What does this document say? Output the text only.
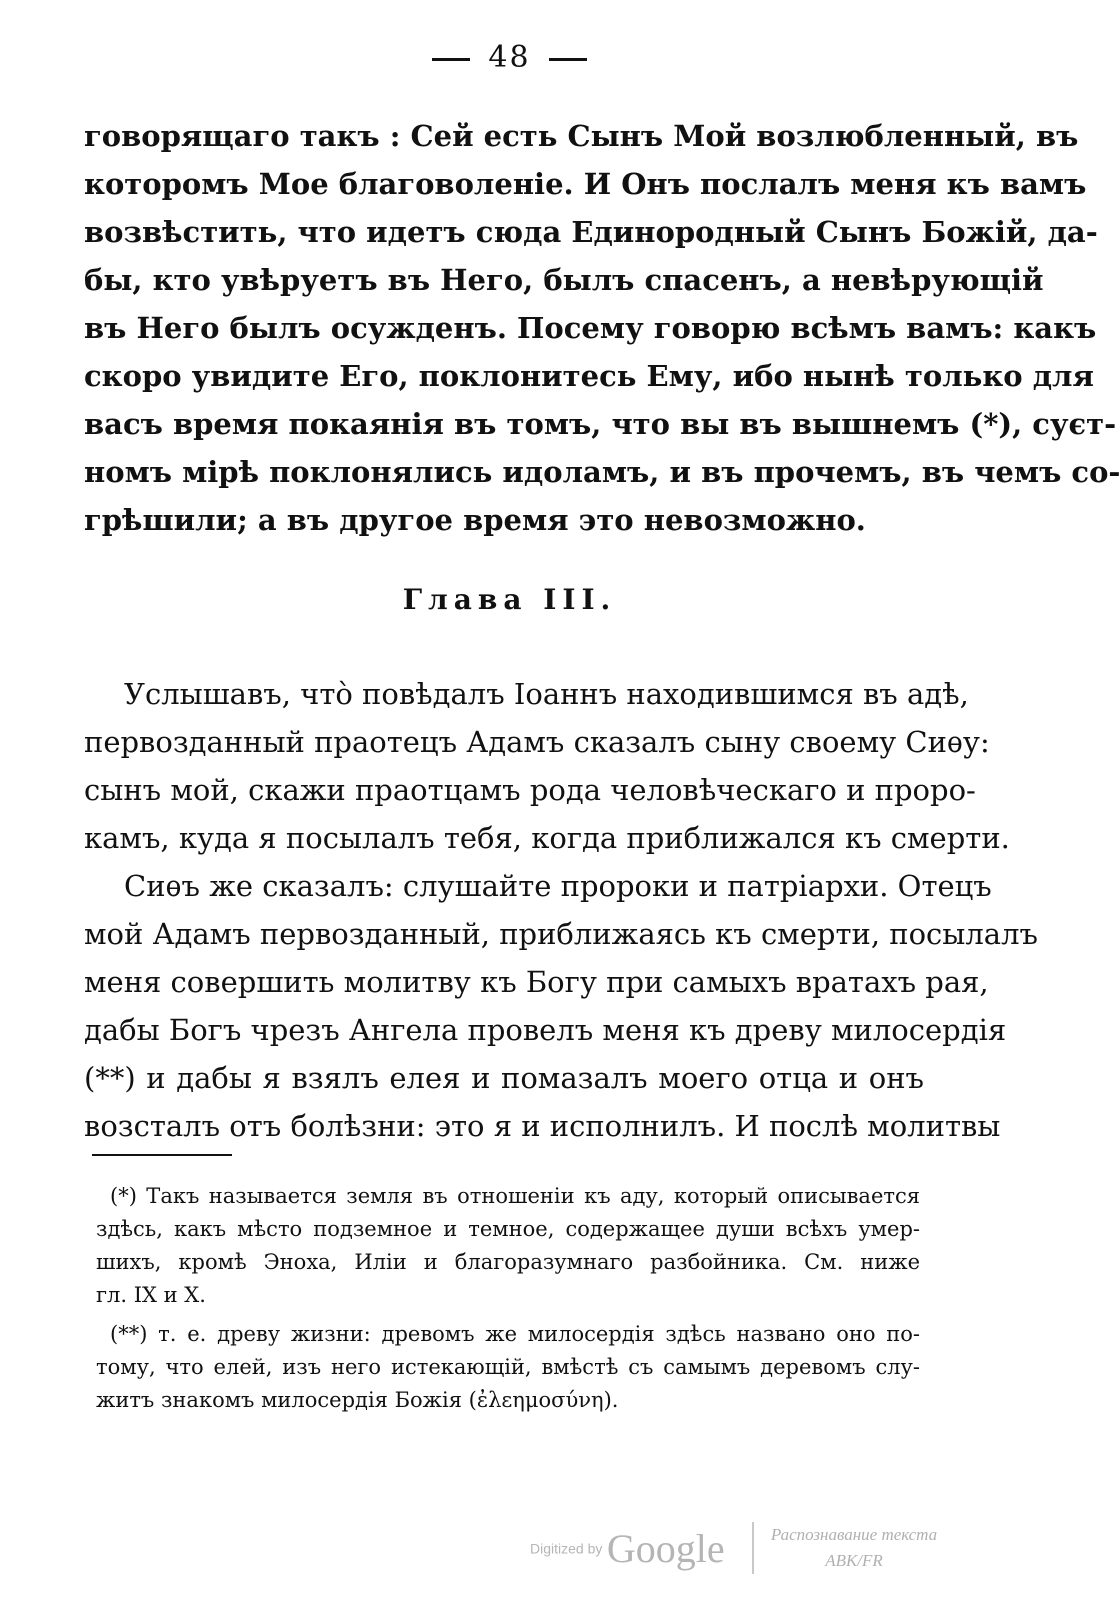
48
говорящаго такъ : Сей есть Сынъ Мой возлюбленный, въ
которомъ Мое благоволеніе. И Онъ послалъ меня къ вамъ
возвѣстить, что идетъ сюда Единородный Сынъ Божій, да-
бы, кто увѣруетъ въ Него, былъ спасенъ, а невѣрующій
въ Него былъ осужденъ. Посему говорю всѣмъ вамъ: какъ
скоро увидите Его, поклонитесь Ему, ибо нынѣ только для
васъ время покаянія въ томъ, что вы въ вышнемъ (*), суєт-
номъ мірѣ поклонялись идоламъ, и въ прочемъ, въ чемъ со-
грѣшили; а въ другое время это невозможно.
Глава III.
Услышавъ, что̀ повѣдалъ Іоаннъ находившимся въ адѣ,
первозданный праотецъ Адамъ сказалъ сыну своему Сиѳу:
сынъ мой, скажи праотцамъ рода человѣческаго и проро-
камъ, куда я посылалъ тебя, когда приближался къ смерти.
Сиѳъ же сказалъ: слушайте пророки и патріархи. Отецъ
мой Адамъ первозданный, приближаясь къ смерти, посылалъ
меня совершить молитву къ Богу при самыхъ вратахъ рая,
дабы Богъ чрезъ Ангела провелъ меня къ древу милосердія
(**) и дабы я взялъ елея и помазалъ моего отца и онъ
возсталъ отъ болѣзни: это я и исполнилъ. И послѣ молитвы
(*) Такъ называется земля въ отношеніи къ аду, который описывается
здѣсь, какъ мѣсто подземное и темное, содержащее души всѣхъ умер-
шихъ, кромѣ Эноха, Иліи и благоразумнаго разбойника. См. ниже
гл. IX и X.
(**) т. е. древу жизни: древомъ же милосердія здѣсь названо оно по-
тому, что елей, изъ него истекающій, вмѣстѣ съ самымъ деревомъ слу-
житъ знакомъ милосердія Божія (ἐλεημοσύνη).
Digitized by Google	Распознавание текста
ABK/FR
